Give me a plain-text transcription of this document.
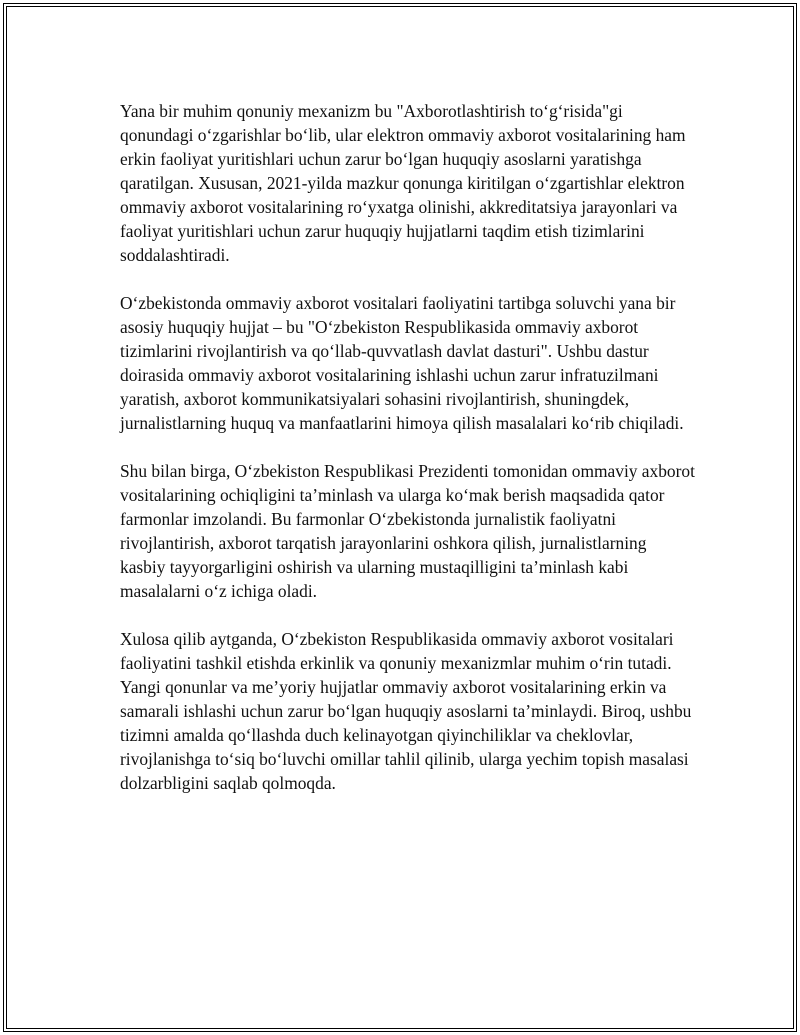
Yana bir muhim qonuniy mexanizm bu "Axborotlashtirish to‘g‘risida"gi qonundagi o‘zgarishlar bo‘lib, ular elektron ommaviy axborot vositalarining ham erkin faoliyat yuritishlari uchun zarur bo‘lgan huquqiy asoslarni yaratishga qaratilgan. Xususan, 2021-yilda mazkur qonunga kiritilgan o‘zgartishlar elektron ommaviy axborot vositalarining ro‘yxatga olinishi, akkreditatsiya jarayonlari va faoliyat yuritishlari uchun zarur huquqiy hujjatlarni taqdim etish tizimlarini soddalashtiradi.

O‘zbekistonda ommaviy axborot vositalari faoliyatini tartibga soluvchi yana bir asosiy huquqiy hujjat – bu "O‘zbekiston Respublikasida ommaviy axborot tizimlarini rivojlantirish va qo‘llab-quvvatlash davlat dasturi". Ushbu dastur doirasida ommaviy axborot vositalarining ishlashi uchun zarur infratuzilmani yaratish, axborot kommunikatsiyalari sohasini rivojlantirish, shuningdek, jurnalistlarning huquq va manfaatlarini himoya qilish masalalari ko‘rib chiqiladi.

Shu bilan birga, O‘zbekiston Respublikasi Prezidenti tomonidan ommaviy axborot vositalarining ochiqligini ta’minlash va ularga ko‘mak berish maqsadida qator farmonlar imzolandi. Bu farmonlar O‘zbekistonda jurnalistik faoliyatni rivojlantirish, axborot tarqatish jarayonlarini oshkora qilish, jurnalistlarning kasbiy tayyorgarligini oshirish va ularning mustaqilligini ta’minlash kabi masalalarni o‘z ichiga oladi.

Xulosa qilib aytganda, O‘zbekiston Respublikasida ommaviy axborot vositalari faoliyatini tashkil etishda erkinlik va qonuniy mexanizmlar muhim o‘rin tutadi. Yangi qonunlar va me’yoriy hujjatlar ommaviy axborot vositalarining erkin va samarali ishlashi uchun zarur bo‘lgan huquqiy asoslarni ta’minlaydi. Biroq, ushbu tizimni amalda qo‘llashda duch kelinayotgan qiyinchiliklar va cheklovlar, rivojlanishga to‘siq bo‘luvchi omillar tahlil qilinib, ularga yechim topish masalasi dolzarbligini saqlab qolmoqda.
